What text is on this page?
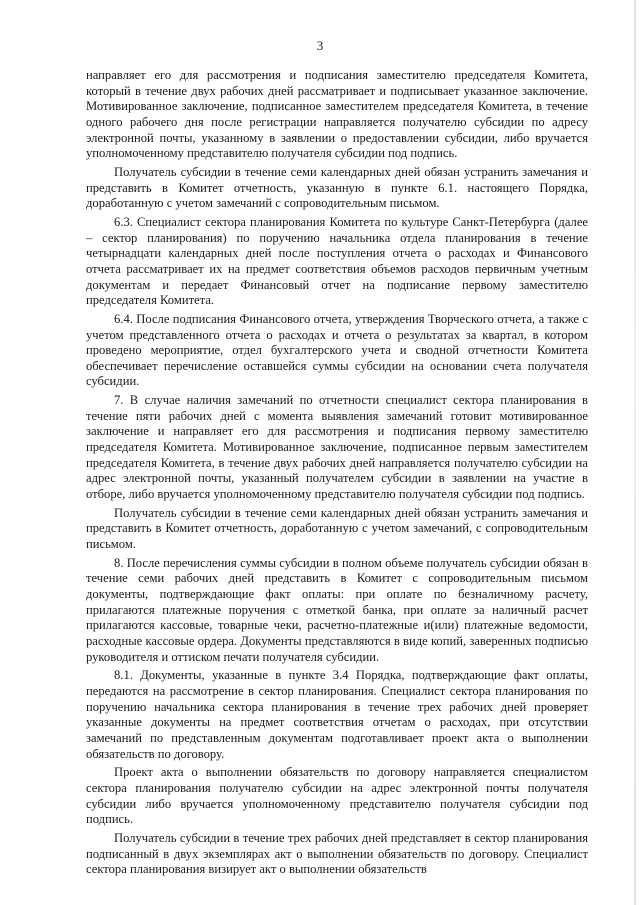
3

направляет его для рассмотрения и подписания заместителю председателя Комитета, который в течение двух рабочих дней рассматривает и подписывает указанное заключение. Мотивированное заключение, подписанное заместителем председателя Комитета, в течение одного рабочего дня после регистрации направляется получателю субсидии по адресу электронной почты, указанному в заявлении о предоставлении субсидии, либо вручается уполномоченному представителю получателя субсидии под подпись.

Получатель субсидии в течение семи календарных дней обязан устранить замечания и представить в Комитет отчетность, указанную в пункте 6.1. настоящего Порядка, доработанную с учетом замечаний с сопроводительным письмом.

6.3. Специалист сектора планирования Комитета по культуре Санкт-Петербурга (далее – сектор планирования) по поручению начальника отдела планирования в течение четырнадцати календарных дней после поступления отчета о расходах и Финансового отчета рассматривает их на предмет соответствия объемов расходов первичным учетным документам и передает Финансовый отчет на подписание первому заместителю председателя Комитета.

6.4. После подписания Финансового отчета, утверждения Творческого отчета, а также с учетом представленного отчета о расходах и отчета о результатах за квартал, в котором проведено мероприятие, отдел бухгалтерского учета и сводной отчетности Комитета обеспечивает перечисление оставшейся суммы субсидии на основании счета получателя субсидии.

7. В случае наличия замечаний по отчетности специалист сектора планирования в течение пяти рабочих дней с момента выявления замечаний готовит мотивированное заключение и направляет его для рассмотрения и подписания первому заместителю председателя Комитета. Мотивированное заключение, подписанное первым заместителем председателя Комитета, в течение двух рабочих дней направляется получателю субсидии на адрес электронной почты, указанный получателем субсидии в заявлении на участие в отборе, либо вручается уполномоченному представителю получателя субсидии под подпись.

Получатель субсидии в течение семи календарных дней обязан устранить замечания и представить в Комитет отчетность, доработанную с учетом замечаний, с сопроводительным письмом.

8. После перечисления суммы субсидии в полном объеме получатель субсидии обязан в течение семи рабочих дней представить в Комитет с сопроводительным письмом документы, подтверждающие факт оплаты: при оплате по безналичному расчету, прилагаются платежные поручения с отметкой банка, при оплате за наличный расчет прилагаются кассовые, товарные чеки, расчетно-платежные и(или) платежные ведомости, расходные кассовые ордера. Документы представляются в виде копий, заверенных подписью руководителя и оттиском печати получателя субсидии.

8.1. Документы, указанные в пункте 3.4 Порядка, подтверждающие факт оплаты, передаются на рассмотрение в сектор планирования. Специалист сектора планирования по поручению начальника сектора планирования в течение трех рабочих дней проверяет указанные документы на предмет соответствия отчетам о расходах, при отсутствии замечаний по представленным документам подготавливает проект акта о выполнении обязательств по договору.

Проект акта о выполнении обязательств по договору направляется специалистом сектора планирования получателю субсидии на адрес электронной почты получателя субсидии либо вручается уполномоченному представителю получателя субсидии под подпись.

Получатель субсидии в течение трех рабочих дней представляет в сектор планирования подписанный в двух экземплярах акт о выполнении обязательств по договору. Специалист сектора планирования визирует акт о выполнении обязательств
